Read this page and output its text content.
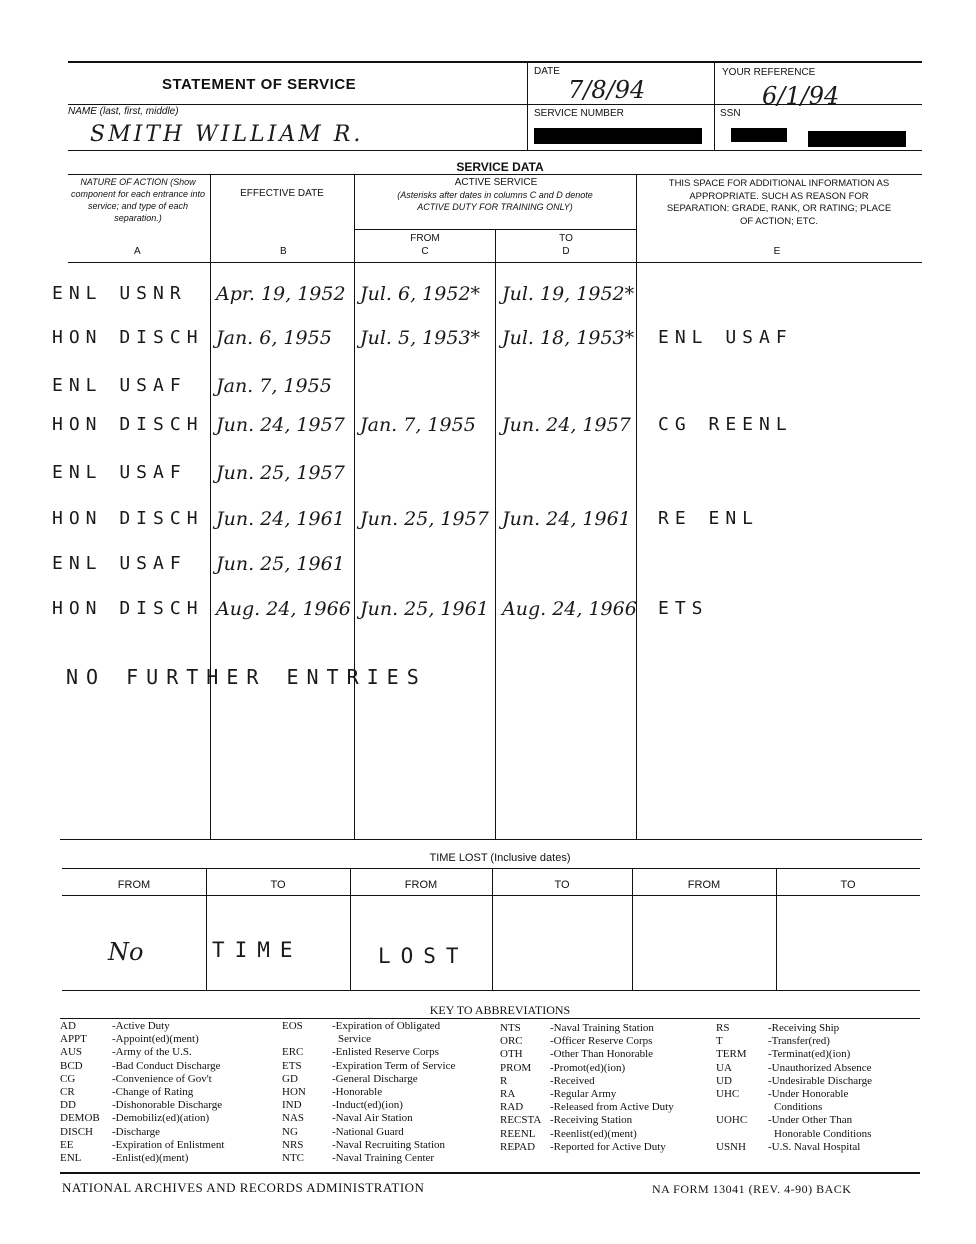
STATEMENT OF SERVICE
DATE
7/8/94
YOUR REFERENCE
6/1/94
NAME (last, first, middle)
SMITH WILLIAM R.
SERVICE NUMBER	SSN
SERVICE DATA
NATURE OF ACTION (Show component for each entrance into service; and type of each separation.)
A
EFFECTIVE DATE
B
ACTIVE SERVICE
(Asterisks after dates in columns C and D denote ACTIVE DUTY FOR TRAINING ONLY)
FROM
C
TO
D
THIS SPACE FOR ADDITIONAL INFORMATION AS APPROPRIATE. SUCH AS REASON FOR SEPARATION: GRADE, RANK, OR RATING; PLACE OF ACTION; ETC.
E
ENL USNR Apr. 19, 1952 Jul. 6, 1952* Jul. 19, 1952*
HON DISCH Jan. 6, 1955 Jul. 5, 1953* Jul. 18, 1953* ENL USAF
ENL USAF Jan. 7, 1955
HON DISCH Jun. 24, 1957 Jan. 7, 1955 Jun. 24, 1957 CG REENL
ENL USAF Jun. 25, 1957
HON DISCH Jun. 24, 1961 Jun. 25, 1957 Jun. 24, 1961 RE ENL
ENL USAF Jun. 25, 1961
HON DISCH Aug. 24, 1966 Jun. 25, 1961 Aug. 24, 1966 ETS
NO FURTHER ENTRIES
TIME LOST (Inclusive dates)
FROM	TO	FROM	TO	FROM	TO
No	TIME	LOST
KEY TO ABBREVIATIONS
AD	-Active Duty
APPT -Appoint(ed)(ment)
AUS	-Army of the U.S.
BCD	-Bad Conduct Discharge
CG	-Convenience of Gov't
CR	-Change of Rating
DD	-Dishonorable Discharge
DEMOB -Demobiliz(ed)(ation)
DISCH -Discharge
EE	-Expiration of Enlistment
ENL	-Enlist(ed)(ment)
EOS	-Expiration of Obligated
Service
ERC	-Enlisted Reserve Corps
ETS	-Expiration Term of Service
GD	-General Discharge
HON -Honorable
IND	-Induct(ed)(ion)
NAS	-Naval Air Station
NG	-National Guard
NRS	-Naval Recruiting Station
NTC	-Naval Training Center
NTS	-Naval Training Station
ORC -Officer Reserve Corps
OTH -Other Than Honorable
PROM -Promot(ed)(ion)
R	-Received
RA	-Regular Army
RAD -Released from Active Duty
RECSTA -Receiving Station
REENL -Reenlist(ed)(ment)
REPAD -Reported for Active Duty
RS	-Receiving Ship
T	-Transfer(red)
TERM -Terminat(ed)(ion)
UA	-Unauthorized Absence
UD	-Undesirable Discharge
UHC	-Under Honorable
Conditions
UOHC -Under Other Than
Honorable Conditions
USNH -U.S. Naval Hospital
NATIONAL ARCHIVES AND RECORDS ADMINISTRATION	NA FORM 13041 (REV. 4-90) BACK
